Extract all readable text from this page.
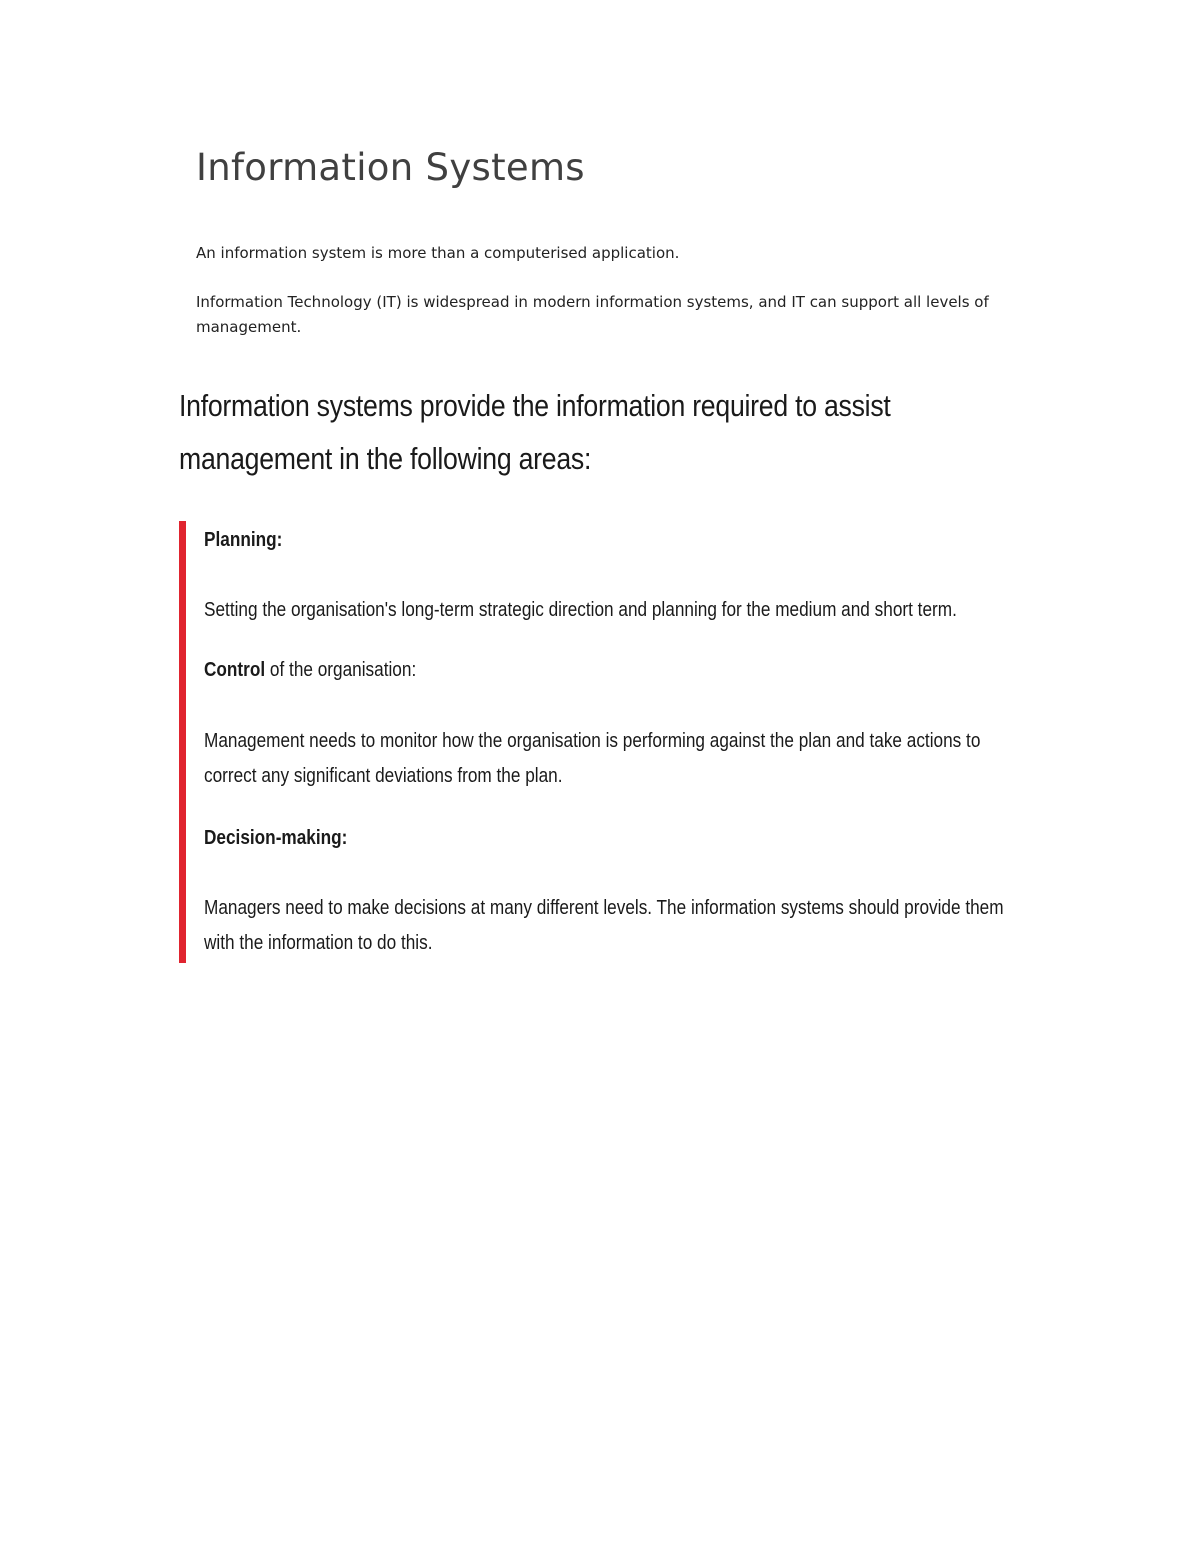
Information Systems

An information system is more than a computerised application.

Information Technology (IT) is widespread in modern information systems, and IT can support all levels of management.

Information systems provide the information required to assist management in the following areas:

Planning:

Setting the organisation's long-term strategic direction and planning for the medium and short term.

Control of the organisation:

Management needs to monitor how the organisation is performing against the plan and take actions to correct any significant deviations from the plan.

Decision-making:

Managers need to make decisions at many different levels. The information systems should provide them with the information to do this.
